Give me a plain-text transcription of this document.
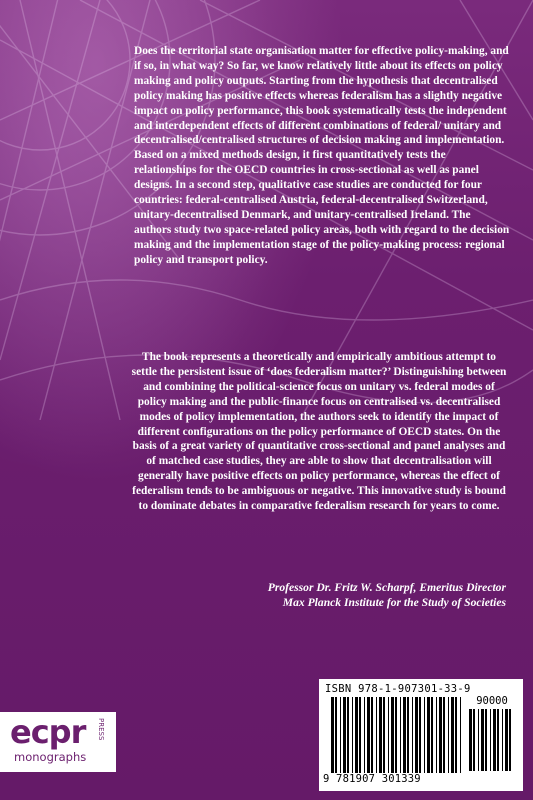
Does the territorial state organisation matter for effective policy-making, and if so, in what way? So far, we know relatively little about its effects on policy making and policy outputs. Starting from the hypothesis that decentralised policy making has positive effects whereas federalism has a slightly negative impact on policy performance, this book systematically tests the independent and interdependent effects of different combinations of federal/ unitary and decentralised/centralised structures of decision making and implementation. Based on a mixed methods design, it first quantitatively tests the relationships for the OECD countries in cross-sectional as well as panel designs. In a second step, qualitative case studies are conducted for four countries: federal-centralised Austria, federal-decentralised Switzerland, unitary-decentralised Denmark, and unitary-centralised Ireland. The authors study two space-related policy areas, both with regard to the decision making and the implementation stage of the policy-making process: regional policy and transport policy.

The book represents a theoretically and empirically ambitious attempt to settle the persistent issue of ‘does federalism matter?’ Distinguishing between and combining the political-science focus on unitary vs. federal modes of policy making and the public-finance focus on centralised vs. decentralised modes of policy implementation, the authors seek to identify the impact of different configurations on the policy performance of OECD states. On the basis of a great variety of quantitative cross-sectional and panel analyses and of matched case studies, they are able to show that decentralisation will generally have positive effects on policy performance, whereas the effect of federalism tends to be ambiguous or negative. This innovative study is bound to dominate debates in comparative federalism research for years to come.

Professor Dr. Fritz W. Scharpf, Emeritus Director
Max Planck Institute for the Study of Societies
ecpr	PRESS
monographs
ISBN 978-1-907301-33-9
90000
9 781907 301339
